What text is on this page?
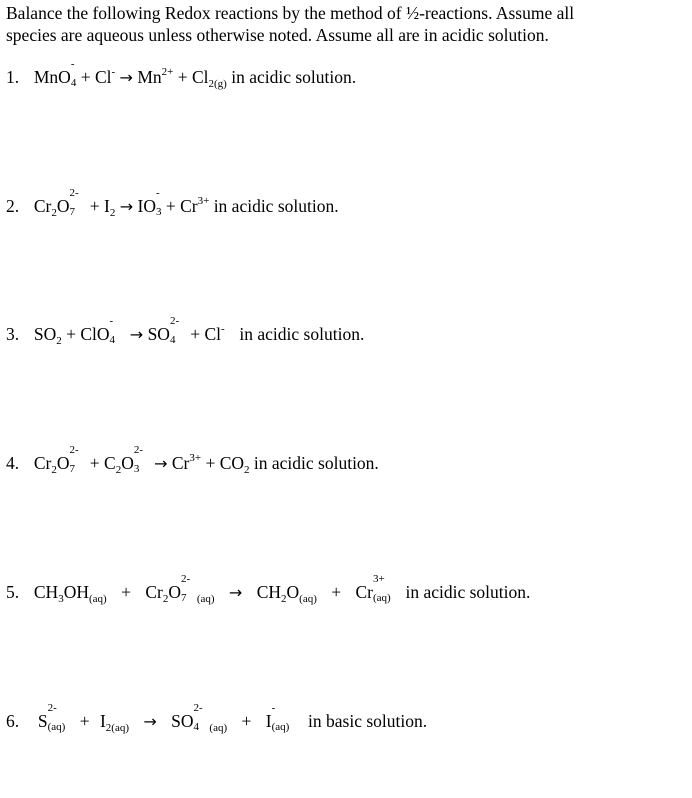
Balance the following Redox reactions by the method of ½-reactions. Assume all
species are aqueous unless otherwise noted. Assume all are in acidic solution.
1. MnO
-
$4 + Cl^- \to Mn^{2+} + Cl_{2(g)}$ in acidic solution.
2. $Cr_2O$
2-
$7 + I_2$ → IO
-
$3 + Cr^{3+}$ in acidic solution.
3. $SO_2$ + ClO
-
4 → SO
2-
4 + Cl- in acidic solution.
4. $Cr_2O$
2-
$7 + C_2O$
2-
$3 \to Cr^{3+} + CO_2$ in acidic solution.
5. $CH_3OH_{(aq)} + Cr_2O$
2-
7 $_{(aq)} \to CH_2O_{(aq)} + Cr$
3+
(aq) in acidic solution.
6. S
2-
$(aq) + I_{2(aq)}$ → SO
2-
4 $_{(aq)}$ + I
-
(aq) in basic solution.
